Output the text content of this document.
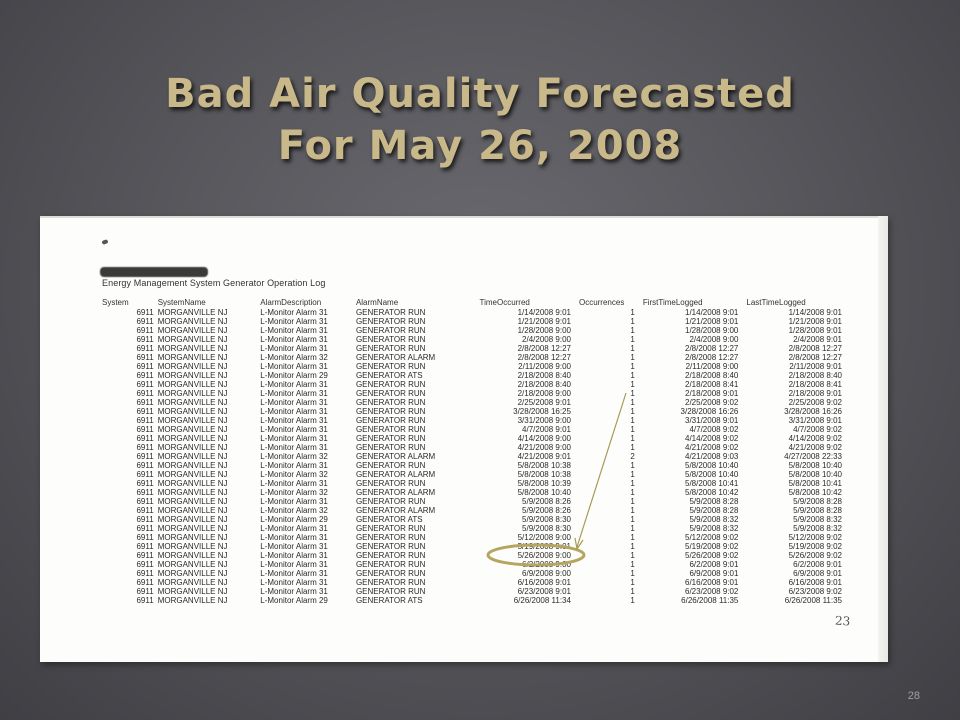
Bad Air Quality Forecasted
For May 26, 2008
Energy Management System Generator Operation Log
System	SystemName	AlarmDescription	AlarmName	TimeOccurred	Occurrences	FirstTimeLogged	LastTimeLogged
6911	MORGANVILLE NJ	L-Monitor Alarm 31	GENERATOR RUN	1/14/2008 9:01	1	1/14/2008 9:01	1/14/2008 9:01
6911	MORGANVILLE NJ	L-Monitor Alarm 31	GENERATOR RUN	1/21/2008 9:01	1	1/21/2008 9:01	1/21/2008 9:01
6911	MORGANVILLE NJ	L-Monitor Alarm 31	GENERATOR RUN	1/28/2008 9:00	1	1/28/2008 9:00	1/28/2008 9:01
6911	MORGANVILLE NJ	L-Monitor Alarm 31	GENERATOR RUN	2/4/2008 9:00	1	2/4/2008 9:00	2/4/2008 9:01
6911	MORGANVILLE NJ	L-Monitor Alarm 31	GENERATOR RUN	2/8/2008 12:27	1	2/8/2008 12:27	2/8/2008 12:27
6911	MORGANVILLE NJ	L-Monitor Alarm 32	GENERATOR ALARM	2/8/2008 12:27	1	2/8/2008 12:27	2/8/2008 12:27
6911	MORGANVILLE NJ	L-Monitor Alarm 31	GENERATOR RUN	2/11/2008 9:00	1	2/11/2008 9:00	2/11/2008 9:01
6911	MORGANVILLE NJ	L-Monitor Alarm 29	GENERATOR ATS	2/18/2008 8:40	1	2/18/2008 8:40	2/18/2008 8:40
6911	MORGANVILLE NJ	L-Monitor Alarm 31	GENERATOR RUN	2/18/2008 8:40	1	2/18/2008 8:41	2/18/2008 8:41
6911	MORGANVILLE NJ	L-Monitor Alarm 31	GENERATOR RUN	2/18/2008 9:00	1	2/18/2008 9:01	2/18/2008 9:01
6911	MORGANVILLE NJ	L-Monitor Alarm 31	GENERATOR RUN	2/25/2008 9:01	1	2/25/2008 9:02	2/25/2008 9:02
6911	MORGANVILLE NJ	L-Monitor Alarm 31	GENERATOR RUN	3/28/2008 16:25	1	3/28/2008 16:26	3/28/2008 16:26
6911	MORGANVILLE NJ	L-Monitor Alarm 31	GENERATOR RUN	3/31/2008 9:00	1	3/31/2008 9:01	3/31/2008 9:01
6911	MORGANVILLE NJ	L-Monitor Alarm 31	GENERATOR RUN	4/7/2008 9:01	1	4/7/2008 9:02	4/7/2008 9:02
6911	MORGANVILLE NJ	L-Monitor Alarm 31	GENERATOR RUN	4/14/2008 9:00	1	4/14/2008 9:02	4/14/2008 9:02
6911	MORGANVILLE NJ	L-Monitor Alarm 31	GENERATOR RUN	4/21/2008 9:00	1	4/21/2008 9:02	4/21/2008 9:02
6911	MORGANVILLE NJ	L-Monitor Alarm 32	GENERATOR ALARM	4/21/2008 9:01	2	4/21/2008 9:03	4/27/2008 22:33
6911	MORGANVILLE NJ	L-Monitor Alarm 31	GENERATOR RUN	5/8/2008 10:38	1	5/8/2008 10:40	5/8/2008 10:40
6911	MORGANVILLE NJ	L-Monitor Alarm 32	GENERATOR ALARM	5/8/2008 10:38	1	5/8/2008 10:40	5/8/2008 10:40
6911	MORGANVILLE NJ	L-Monitor Alarm 31	GENERATOR RUN	5/8/2008 10:39	1	5/8/2008 10:41	5/8/2008 10:41
6911	MORGANVILLE NJ	L-Monitor Alarm 32	GENERATOR ALARM	5/8/2008 10:40	1	5/8/2008 10:42	5/8/2008 10:42
6911	MORGANVILLE NJ	L-Monitor Alarm 31	GENERATOR RUN	5/9/2008 8:26	1	5/9/2008 8:28	5/9/2008 8:28
6911	MORGANVILLE NJ	L-Monitor Alarm 32	GENERATOR ALARM	5/9/2008 8:26	1	5/9/2008 8:28	5/9/2008 8:28
6911	MORGANVILLE NJ	L-Monitor Alarm 29	GENERATOR ATS	5/9/2008 8:30	1	5/9/2008 8:32	5/9/2008 8:32
6911	MORGANVILLE NJ	L-Monitor Alarm 31	GENERATOR RUN	5/9/2008 8:30	1	5/9/2008 8:32	5/9/2008 8:32
6911	MORGANVILLE NJ	L-Monitor Alarm 31	GENERATOR RUN	5/12/2008 9:00	1	5/12/2008 9:02	5/12/2008 9:02
6911	MORGANVILLE NJ	L-Monitor Alarm 31	GENERATOR RUN	5/19/2008 9:01	1	5/19/2008 9:02	5/19/2008 9:02
6911	MORGANVILLE NJ	L-Monitor Alarm 31	GENERATOR RUN	5/26/2008 9:00	1	5/26/2008 9:02	5/26/2008 9:02
6911	MORGANVILLE NJ	L-Monitor Alarm 31	GENERATOR RUN	6/2/2008 9:00	1	6/2/2008 9:01	6/2/2008 9:01
6911	MORGANVILLE NJ	L-Monitor Alarm 31	GENERATOR RUN	6/9/2008 9:00	1	6/9/2008 9:01	6/9/2008 9:01
6911	MORGANVILLE NJ	L-Monitor Alarm 31	GENERATOR RUN	6/16/2008 9:01	1	6/16/2008 9:01	6/16/2008 9:01
6911	MORGANVILLE NJ	L-Monitor Alarm 31	GENERATOR RUN	6/23/2008 9:01	1	6/23/2008 9:02	6/23/2008 9:02
6911	MORGANVILLE NJ	L-Monitor Alarm 29	GENERATOR ATS	6/26/2008 11:34	1	6/26/2008 11:35	6/26/2008 11:35
23
28
